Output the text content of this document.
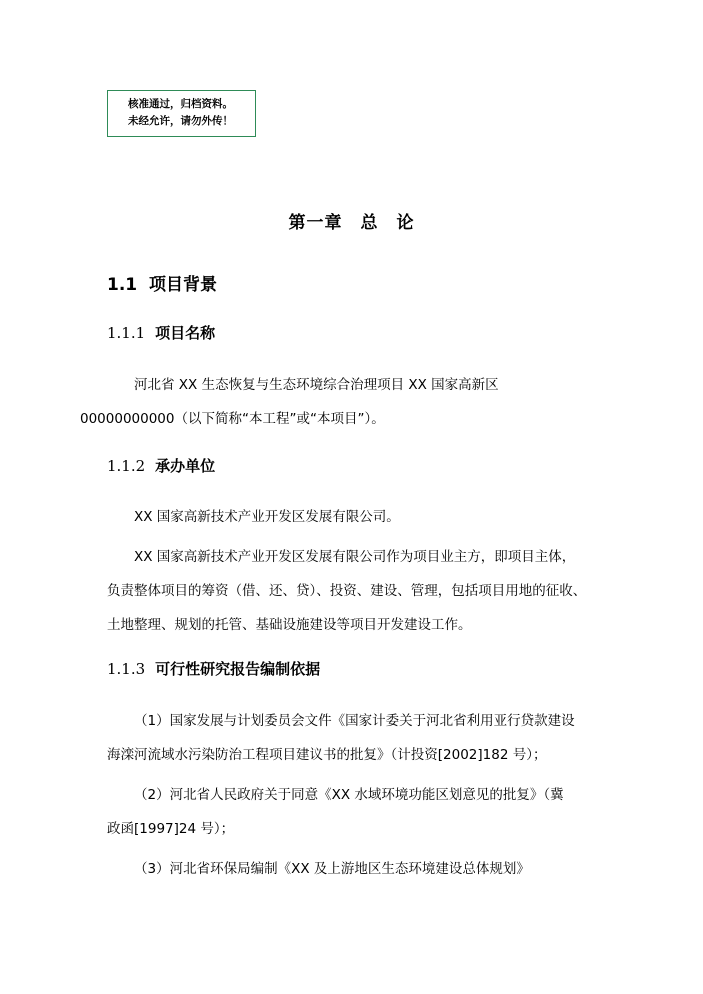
核准通过，归档资料。
未经允许，请勿外传！
第一章　总　论
1.1 项目背景
1.1.1 项目名称
河北省 XX 生态恢复与生态环境综合治理项目 XX 国家高新区
00000000000（以下简称“本工程”或“本项目”）。
1.1.2 承办单位
XX 国家高新技术产业开发区发展有限公司。
XX 国家高新技术产业开发区发展有限公司作为项目业主方，即项目主体，
负责整体项目的筹资（借、还、贷）、投资、建设、管理，包括项目用地的征收、
土地整理、规划的托管、基础设施建设等项目开发建设工作。
1.1.3 可行性研究报告编制依据
（1）国家发展与计划委员会文件《国家计委关于河北省利用亚行贷款建设
海滦河流域水污染防治工程项目建议书的批复》（计投资[2002]182 号）；
（2）河北省人民政府关于同意《XX 水域环境功能区划意见的批复》（冀
政函[1997]24 号）；
（3）河北省环保局编制《XX 及上游地区生态环境建设总体规划》
